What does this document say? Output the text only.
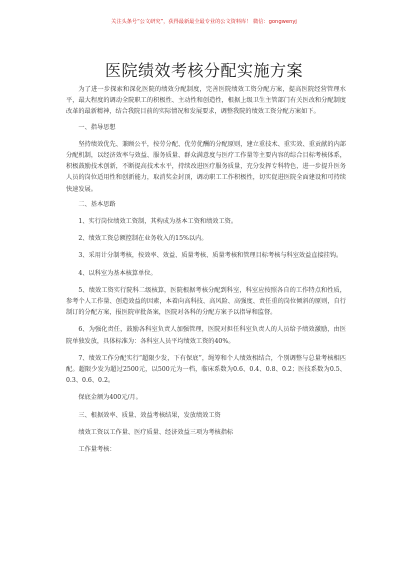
关注头条号“公文研究”，获得最新最全最专业的公文资料库！ 微信：gongwenyj
医院绩效考核分配实施方案

为了进一步探索和深化医院的绩效分配制度，完善医院绩效工资分配方案，提高医院经营管理水平，最大程度的调动全院职工的积极性、主动性和创造性，根据上级卫生主管部门有关医改和分配制度改革的最新精神，结合我院目前的实际情况和发展要求，调整我院的绩效工资分配方案如下。

一、指导思想

坚持绩效优先、兼顾公平，按劳分配、优劳优酬的分配原则，建立重技术、重实效、重贡献的内部分配机制，以经济效率与效益、服务质量、群众满意度与医疗工作量等主要内容的综合目标考核体系，积极鼓励技术创新，不断提高技术水平，持续改进医疗服务质量，充分发挥专科特色，进一步提升医务人员的岗位适用性和创新能力，取消奖金封顶，调动职工工作积极性，切实促进医院全面建设和可持续快速发展。

二、基本思路

1、实行岗位绩效工资制，其构成为基本工资和绩效工资。

2、绩效工资总额控制在业务收入的15%以内。

3、采用计分制考核，按效率、效益、质量考核、质量考核和管理目标考核与科室效益直接挂钩。

4、以科室为基本核算单位。

5、绩效工资实行院科二级核算，医院根据考核分配到科室，科室应按照各自的工作特点和性质，参考个人工作量、创造效益的因素，本着向高科技、高风险、高强度、责任重的岗位倾斜的原则，自行制订的分配方案，报医院审批备案，医院对各科的分配方案予以指导和监督。

6、为强化责任，鼓励各科室负责人加强管理，医院对担任科室负责人的人员给予绩效激励，由医院单独发放，具体标准为：各科室人员平均绩效工资的40%。

7、绩效工作分配实行“超限少发，下有保底”，绳筹和个人绩效相结合，个别调整与总量考核相匹配。超限少发为超过2500元，以500元为一档，临床系数为0.6、0.4、0.8、0.2；医技系数为0.5、0.3、0.6、0.2。

保底金额为400元/月。

三、根据效率、质量、效益考核结果，发放绩效工资

绩效工资以工作量、医疗质量、经济效益三项为考核指标

工作量考核：
